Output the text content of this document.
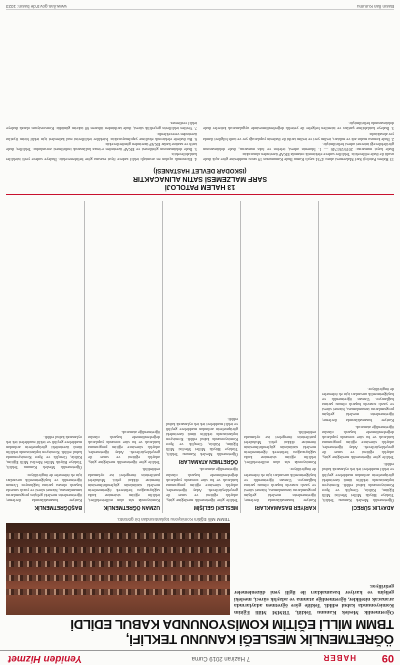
09
HABER
7 Haziran 2019 Cuma
Yeniden Hizmet
ÖĞRETMENLİK MESLEĞİ KANUNU TEKLİFİ,
TBMM MİLLİ EĞİTİM KOMİSYONUNDA KABUL EDİLDİ
Öğretmenlik Meslek Kanunu Teklifi, TBMM Milli Eğitim Komisyonunda kabul edildi. Teklife göre öğretmen adaylarında aranacak nitelikler, öğretmenliğe atanma ve adaylık süreci, mesleki gelişim ve kariyer basamakları ile ilgili yeni düzenlemeler getiriliyor.
TBMM Milli Eğitim Komisyonu toplantısından bir görüntü.
ADAYLIK SÜRECİ

Öğretmenlik Meslek Kanunu Teklifi, Türkiye Büyük Millet Meclisi Milli Eğitim, Kültür, Gençlik ve Spor Komisyonunda kabul edildi. Komisyon toplantısında teklifin tümü üzerindeki görüşmelerin ardından maddelere geçildi ve teklif maddeleri tek tek oylanarak kabul edildi.

Teklife göre öğretmenlik mesleğine giriş, adaylık eğitimi ve sınav ile gerçekleştirilecek. Aday öğretmenler, adaylık süresince eğitim programına katılacak ve bu süre sonunda yapılacak değerlendirmede başarılı olanlar öğretmenliğe atanacak.

Kariyer basamaklarında ilerleme; öğretmenlerin mesleki gelişim programlarını tamamlaması, hizmet süresi ve yazılı sınavda başarılı olması şartına bağlanıyor. Uzman öğretmenlik ve başöğretmenlik unvanları için ek ödemeler de öngörülüyor.

KARİYER BASAMAKLARI

Kariyer basamaklarında ilerleme; öğretmenlerin mesleki gelişim programlarını tamamlaması, hizmet süresi ve yazılı sınavda başarılı olması şartına bağlanıyor. Uzman öğretmenlik ve başöğretmenlik unvanları için ek ödemeler de öngörülüyor.

Komisyonda söz alan milletvekilleri, teklifin eğitim sistemine katkı sağlayacağını belirterek öğretmenlerin mesleki statüsünün güçlendirilmesinin önemine dikkat çekti. Muhalefet partilerinin önergeleri ise oylamada reddedildi.

MESLEKİ GELİŞİM

Teklife göre öğretmenlik mesleğine giriş, adaylık eğitimi ve sınav ile gerçekleştirilecek. Aday öğretmenler, adaylık süresince eğitim programına katılacak ve bu süre sonunda yapılacak değerlendirmede başarılı olanlar öğretmenliğe atanacak.

ÖĞRETMEN ATAMALARI

Öğretmenlik Meslek Kanunu Teklifi, Türkiye Büyük Millet Meclisi Milli Eğitim, Kültür, Gençlik ve Spor Komisyonunda kabul edildi. Komisyon toplantısında teklifin tümü üzerindeki görüşmelerin ardından maddelere geçildi ve teklif maddeleri tek tek oylanarak kabul edildi.

UZMAN ÖĞRETMENLİK

Komisyonda söz alan milletvekilleri, teklifin eğitim sistemine katkı sağlayacağını belirterek öğretmenlerin mesleki statüsünün güçlendirilmesinin önemine dikkat çekti. Muhalefet partilerinin önergeleri ise oylamada reddedildi.

Teklife göre öğretmenlik mesleğine giriş, adaylık eğitimi ve sınav ile gerçekleştirilecek. Aday öğretmenler, adaylık süresince eğitim programına katılacak ve bu süre sonunda yapılacak değerlendirmede başarılı olanlar öğretmenliğe atanacak.

BAŞÖĞRETMENLİK

Kariyer basamaklarında ilerleme; öğretmenlerin mesleki gelişim programlarını tamamlaması, hizmet süresi ve yazılı sınavda başarılı olması şartına bağlanıyor. Uzman öğretmenlik ve başöğretmenlik unvanları için ek ödemeler de öngörülüyor.

Öğretmenlik Meslek Kanunu Teklifi, Türkiye Büyük Millet Meclisi Milli Eğitim, Kültür, Gençlik ve Spor Komisyonunda kabul edildi. Komisyon toplantısında teklifin tümü üzerindeki görüşmelerin ardından maddelere geçildi ve teklif maddeleri tek tek oylanarak kabul edildi.

13 HALEM PATOLOJİ
SARF MALZEMESİ SATIN ALINACAKTIR
(ISKODAR DEVLET HASTANESİ)

13 Halem Patoloji Sarf Malzemesi alımı 4734 sayılı Kamu İhale Kanununun 19 uncu maddesine göre açık ihale usulü ile ihale edilecektir. Teklifler sadece elektronik ortamda EKAP üzerinden alınacaktır.

İhale kayıt numarası: 2019/261746 — 1. İdarenin adresi, telefon ve faks numarası, ihale dokümanının görülebileceği internet adresi belirtilmiştir.

2. İhale konusu malın adı ve miktarı, teslim yeri ve teslim tarihi ile ihalenin yapılacağı yer ve tarih bilgileri ilanda yer almaktadır.

3. İhaleye katılabilme şartları ve istenilen belgeler ile yeterlik değerlendirmesinde uygulanacak kriterler ihale dokümanında belirtilmiştir.

4. Ekonomik açıdan en avantajlı teklif sadece fiyat esasına göre belirlenecektir. İhaleye sadece yerli istekliler katılabilecektir.

5. İhale dokümanının görülmesi ve EKAP üzerinden e-imza kullanarak indirilmesi zorunludur. Teklifler, ihale tarih ve saatine kadar EKAP üzerinden gönderilecektir.

6. Bu ihalede elektronik eksiltme yapılmayacaktır. İstekliler tekliflerini mal kalemleri için teklif birim fiyatlar üzerinden vereceklerdir.

7. Verilen tekliflerin geçerlilik süresi, ihale tarihinden itibaren 60 takvim günüdür. Konsorsiyum olarak ihaleye teklif verilemez.

Basın İlan Kurumu
www.ilan.gov.tr'de basın: 1023
